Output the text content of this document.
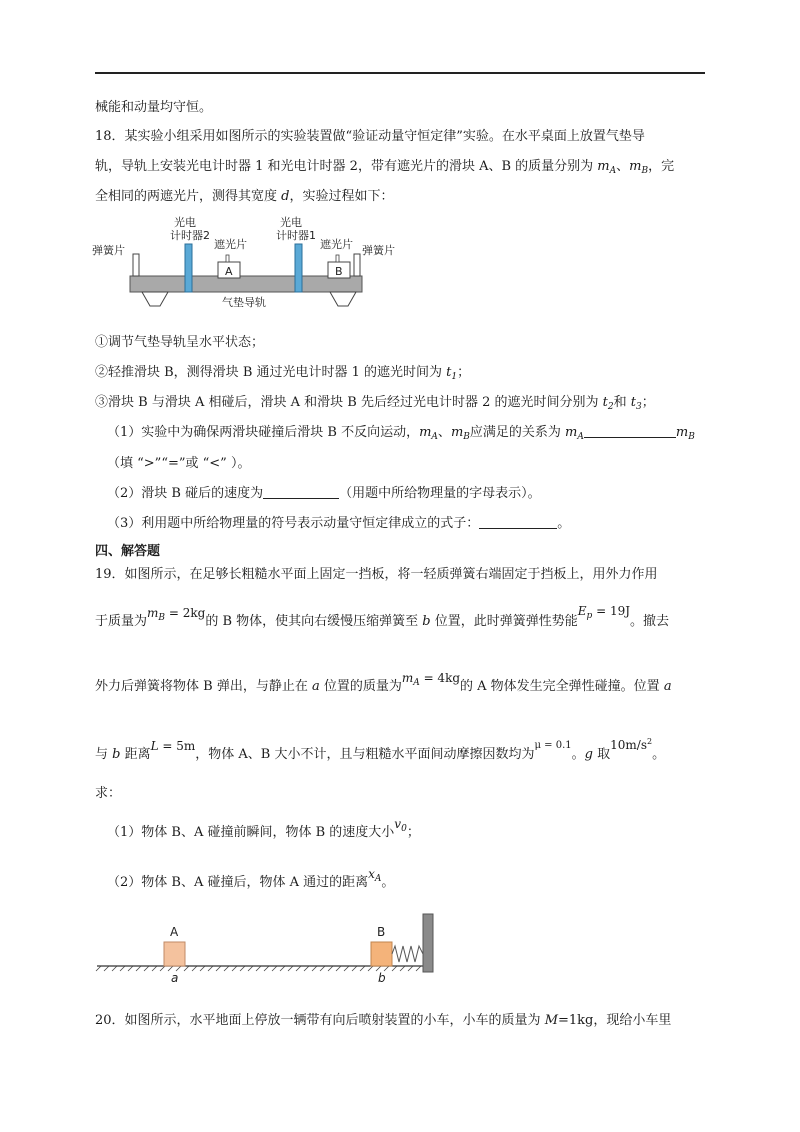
械能和动量均守恒。
18．某实验小组采用如图所示的实验装置做“验证动量守恒定律”实验。在水平桌面上放置气垫导
轨，导轨上安装光电计时器 1 和光电计时器 2，带有遮光片的滑块 A、B 的质量分别为 $m_A$、$m_B$，完
全相同的两遮光片，测得其宽度 d，实验过程如下：
弹簧片
光电
计时器2
遮光片
A
光电
计时器1
遮光片
B
弹簧片
气垫导轨
①调节气垫导轨呈水平状态；
②轻推滑块 B，测得滑块 B 通过光电计时器 1 的遮光时间为 $t_1$；
③滑块 B 与滑块 A 相碰后，滑块 A 和滑块 B 先后经过光电计时器 2 的遮光时间分别为 $t_2$和 $t_3$；
（1）实验中为确保两滑块碰撞后滑块 B 不反向运动，$m_A$、$m_B$应满足的关系为 $m_A$	$m_B$
（填 “>”“=”或 “<” ）。
（2）滑块 B 碰后的速度为	（用题中所给物理量的字母表示）。
（3）利用题中所给物理量的符号表示动量守恒定律成立的式子：	。
四、解答题
19．如图所示，在足够长粗糙水平面上固定一挡板，将一轻质弹簧右端固定于挡板上，用外力作用
于质量为$m_B = 2kg$的 B 物体，使其向右缓慢压缩弹簧至 b 位置，此时弹簧弹性势能$E_p = 19J$。撤去
外力后弹簧将物体 B 弹出，与静止在 a 位置的质量为$m_A = 4kg$的 A 物体发生完全弹性碰撞。位置 a
与 b 距离L = 5m，物体 A、B 大小不计，且与粗糙水平面间动摩擦因数均为$^{\mu = 0.1}$。g 取$10m/s^2$。
求：
（1）物体 B、A 碰撞前瞬间，物体 B 的速度大小$v_0$；
（2）物体 B、A 碰撞后，物体 A 通过的距离$x_A$。
A	B
a	b
20．如图所示，水平地面上停放一辆带有向后喷射装置的小车，小车的质量为 M=1kg，现给小车里
